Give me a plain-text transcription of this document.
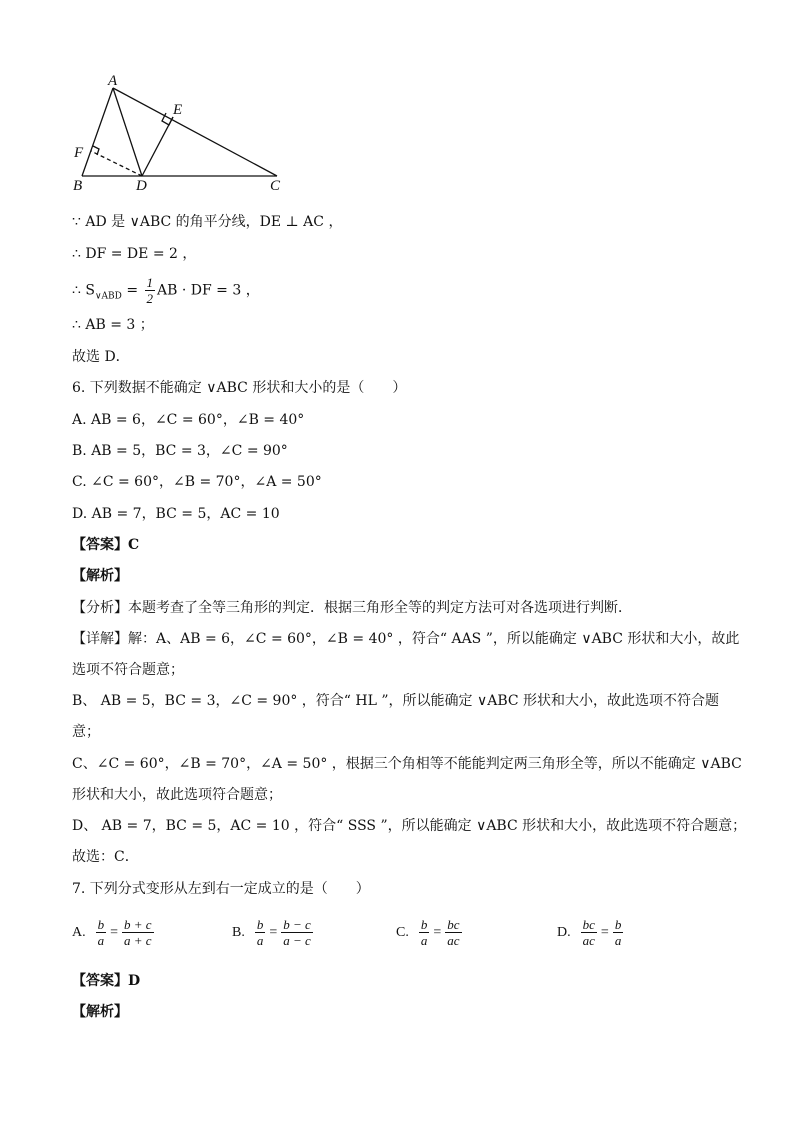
A
E
F
B	D	C
∵ AD 是 ∨ABC 的角平分线，DE ⊥ AC ，
∴ DF = DE = 2 ，
∴ $S_{\vee ABD} = \frac{1}{2}$ AB · DF = 3 ，
∴ AB = 3 ；
故选 D．
6. 下列数据不能确定 ∨ABC 形状和大小的是（　　）
A. AB = 6，∠C = 60°，∠B = 40°
B. AB = 5，BC = 3，∠C = 90°
C. ∠C = 60°，∠B = 70°，∠A = 50°
D. AB = 7，BC = 5，AC = 10
【答案】C
【解析】
【分析】本题考查了全等三角形的判定．根据三角形全等的判定方法可对各选项进行判断．
【详解】解：A、AB = 6，∠C = 60°，∠B = 40° ，符合“ AAS ”，所以能确定 ∨ABC 形状和大小，故此
选项不符合题意；
B、 AB = 5，BC = 3，∠C = 90° ，符合“ HL ”，所以能确定 ∨ABC 形状和大小，故此选项不符合题
意；
C、∠C = 60°，∠B = 70°，∠A = 50° ，根据三个角相等不能能判定两三角形全等，所以不能确定 ∨ABC
形状和大小，故此选项符合题意；
D、 AB = 7，BC = 5，AC = 10 ，符合“ SSS ”，所以能确定 ∨ABC 形状和大小，故此选项不符合题意；
故选：C．
7. 下列分式变形从左到右一定成立的是（　　）
A. $\frac{b}{a} = \frac{b + c}{a + c}$	B. $\frac{b}{a} = \frac{b - c}{a - c}$	C. $\frac{b}{a} = \frac{bc}{ac}$	D. $\frac{bc}{ac} = \frac{b}{a}$
【答案】D
【解析】
